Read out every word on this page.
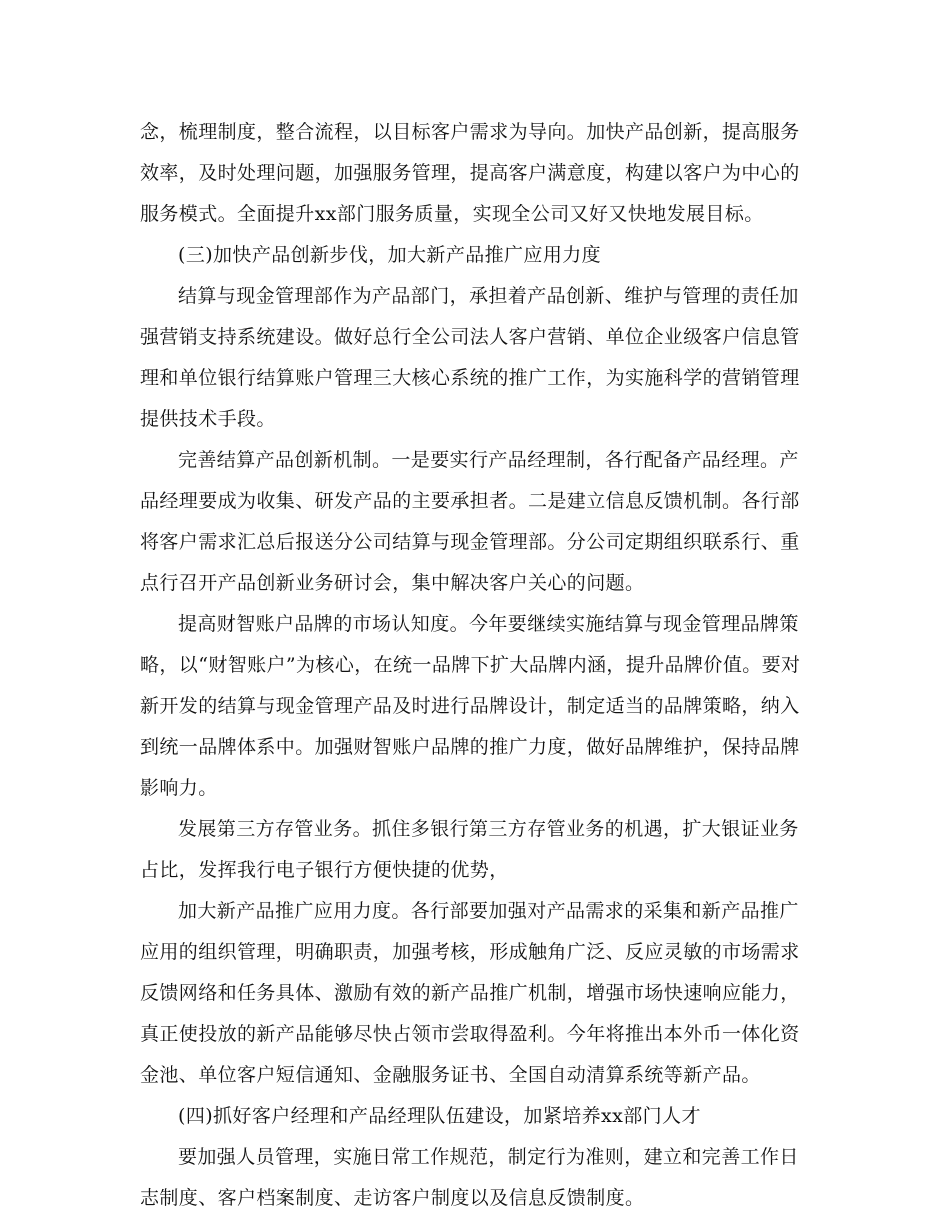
念，梳理制度，整合流程，以目标客户需求为导向。加快产品创新，提高服务效率，及时处理问题，加强服务管理，提高客户满意度，构建以客户为中心的服务模式。全面提升xx部门服务质量，实现全公司又好又快地发展目标。

(三)加快产品创新步伐，加大新产品推广应用力度

结算与现金管理部作为产品部门，承担着产品创新、维护与管理的责任加强营销支持系统建设。做好总行全公司法人客户营销、单位企业级客户信息管理和单位银行结算账户管理三大核心系统的推广工作，为实施科学的营销管理提供技术手段。

完善结算产品创新机制。一是要实行产品经理制，各行配备产品经理。产品经理要成为收集、研发产品的主要承担者。二是建立信息反馈机制。各行部将客户需求汇总后报送分公司结算与现金管理部。分公司定期组织联系行、重点行召开产品创新业务研讨会，集中解决客户关心的问题。

提高财智账户品牌的市场认知度。今年要继续实施结算与现金管理品牌策略，以“财智账户”为核心，在统一品牌下扩大品牌内涵，提升品牌价值。要对新开发的结算与现金管理产品及时进行品牌设计，制定适当的品牌策略，纳入到统一品牌体系中。加强财智账户品牌的推广力度，做好品牌维护，保持品牌影响力。

发展第三方存管业务。抓住多银行第三方存管业务的机遇，扩大银证业务占比，发挥我行电子银行方便快捷的优势，

加大新产品推广应用力度。各行部要加强对产品需求的采集和新产品推广应用的组织管理，明确职责，加强考核，形成触角广泛、反应灵敏的市场需求反馈网络和任务具体、激励有效的新产品推广机制，增强市场快速响应能力，真正使投放的新产品能够尽快占领市尝取得盈利。今年将推出本外币一体化资金池、单位客户短信通知、金融服务证书、全国自动清算系统等新产品。

(四)抓好客户经理和产品经理队伍建设，加紧培养xx部门人才

要加强人员管理，实施日常工作规范，制定行为准则，建立和完善工作日志制度、客户档案制度、走访客户制度以及信息反馈制度。
